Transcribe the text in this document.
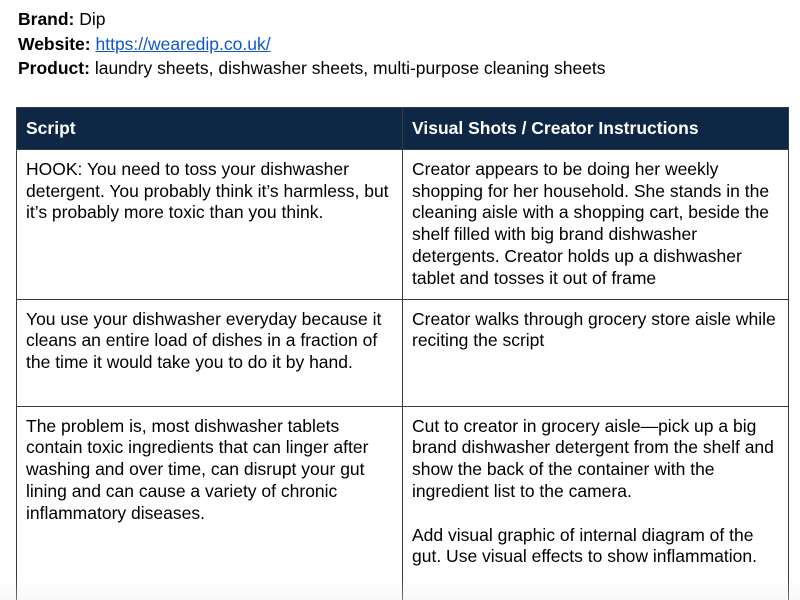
Brand: Dip
Website: https://wearedip.co.uk/
Product: laundry sheets, dishwasher sheets, multi-purpose cleaning sheets
Script	Visual Shots / Creator Instructions
HOOK: You need to toss your dishwasher detergent. You probably think it’s harmless, but it’s probably more toxic than you think.	Creator appears to be doing her weekly shopping for her household. She stands in the cleaning aisle with a shopping cart, beside the shelf filled with big brand dishwasher detergents. Creator holds up a dishwasher tablet and tosses it out of frame

You use your dishwasher everyday because it cleans an entire load of dishes in a fraction of the time it would take you to do it by hand.	Creator walks through grocery store aisle while reciting the script

The problem is, most dishwasher tablets contain toxic ingredients that can linger after washing and over time, can disrupt your gut lining and can cause a variety of chronic inflammatory diseases.	Cut to creator in grocery aisle—pick up a big brand dishwasher detergent from the shelf and show the back of the container with the ingredient list to the camera.
Add visual graphic of internal diagram of the gut. Use visual effects to show inflammation.
